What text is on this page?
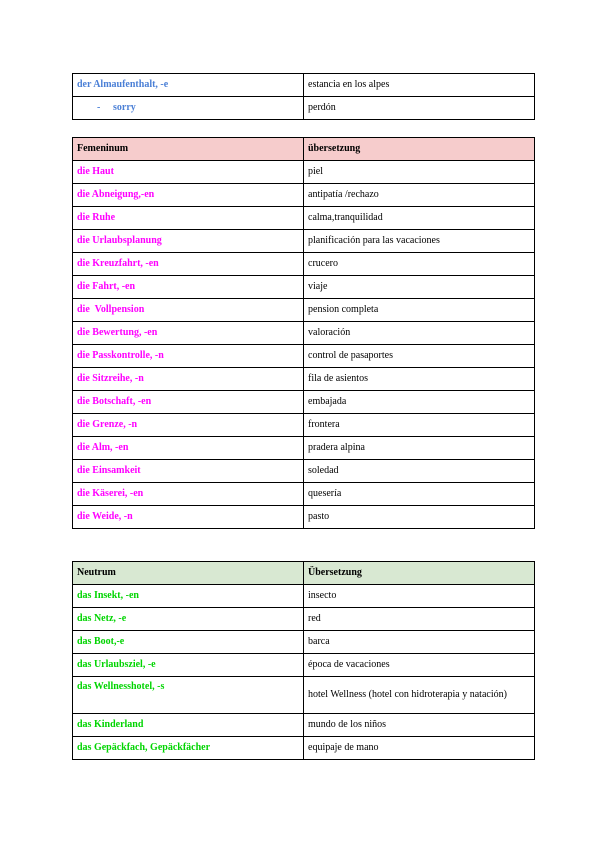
der Almaufenthalt, -e	estancia en los alpes
- sorry	perdón
Femeninum	übersetzung
die Haut	piel
die Abneigung,-en	antipatía /rechazo
die Ruhe	calma,tranquilidad
die Urlaubsplanung	planificación para las vacaciones
die Kreuzfahrt, -en	crucero
die Fahrt, -en	viaje
die  Vollpension	pension completa
die Bewertung, -en	valoración
die Passkontrolle, -n	control de pasaportes
die Sitzreihe, -n	fila de asientos
die Botschaft, -en	embajada
die Grenze, -n	frontera
die Alm, -en	pradera alpina
die Einsamkeit	soledad
die Käserei, -en	quesería
die Weide, -n	pasto
Neutrum	Übersetzung
das Insekt, -en	insecto
das Netz, -e	red
das Boot,-e	barca
das Urlaubsziel, -e	época de vacaciones
das Wellnesshotel, -s	hotel Wellness (hotel con hidroterapia y natación)
das Kinderland	mundo de los niños
das Gepäckfach, Gepäckfächer	equipaje de mano
